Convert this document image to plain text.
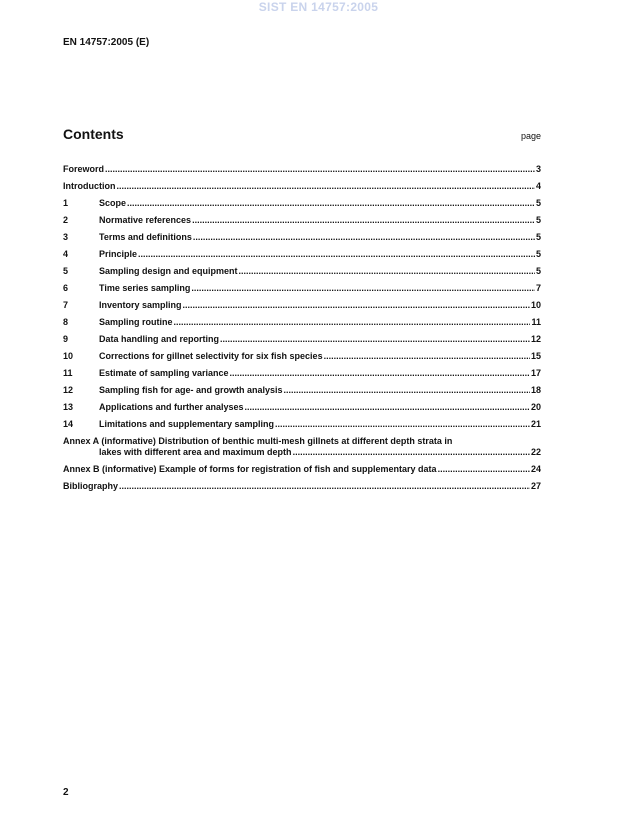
SIST EN 14757:2005
EN 14757:2005 (E)
Contents	page
Foreword .....	3
Introduction .....	4
1	Scope .....	5
2	Normative references .....	5
3	Terms and definitions .....	5
4	Principle .....	5
5	Sampling design and equipment .....	5
6	Time series sampling .....	7
7	Inventory sampling .....	10
8	Sampling routine .....	11
9	Data handling and reporting .....	12
10	Corrections for gillnet selectivity for six fish species .....	15
11	Estimate of sampling variance .....	17
12	Sampling fish for age- and growth analysis .....	18
13	Applications and further analyses .....	20
14	Limitations and supplementary sampling .....	21
Annex A (informative) Distribution of benthic multi-mesh gillnets at different depth strata in
lakes with different area and maximum depth .....	22
Annex B (informative) Example of forms for registration of fish and supplementary data .....	24
Bibliography .....	27
2
